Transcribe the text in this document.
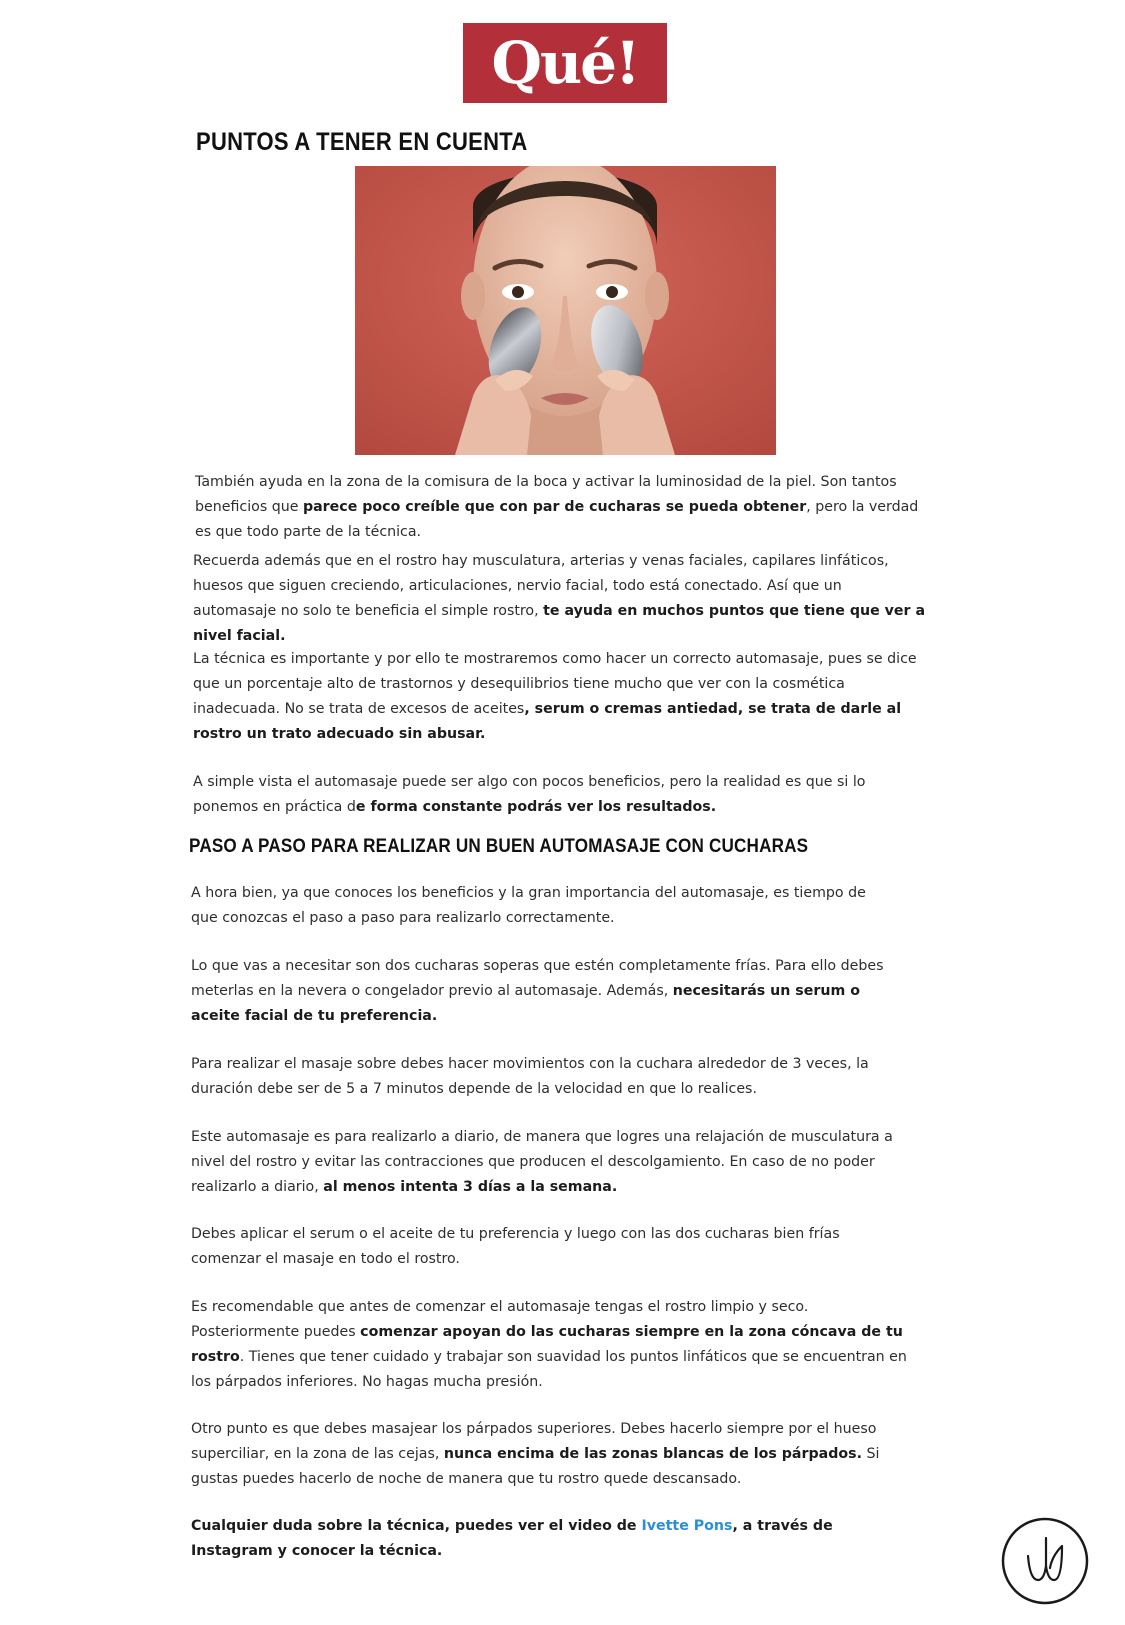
Qué!
PUNTOS A TENER EN CUENTA

También ayuda en la zona de la comisura de la boca y activar la luminosidad de la piel. Son tantos beneficios que parece poco creíble que con par de cucharas se pueda obtener, pero la verdad es que todo parte de la técnica.

Recuerda además que en el rostro hay musculatura, arterias y venas faciales, capilares linfáticos, huesos que siguen creciendo, articulaciones, nervio facial, todo está conectado. Así que un automasaje no solo te beneficia el simple rostro, te ayuda en muchos puntos que tiene que ver a nivel facial.

La técnica es importante y por ello te mostraremos como hacer un correcto automasaje, pues se dice que un porcentaje alto de trastornos y desequilibrios tiene mucho que ver con la cosmética inadecuada. No se trata de excesos de aceites, serum o cremas antiedad, se trata de darle al rostro un trato adecuado sin abusar.

A simple vista el automasaje puede ser algo con pocos beneficios, pero la realidad es que si lo ponemos en práctica de forma constante podrás ver los resultados.

PASO A PASO PARA REALIZAR UN BUEN AUTOMASAJE CON CUCHARAS

A hora bien, ya que conoces los beneficios y la gran importancia del automasaje, es tiempo de que conozcas el paso a paso para realizarlo correctamente.

Lo que vas a necesitar son dos cucharas soperas que estén completamente frías. Para ello debes meterlas en la nevera o congelador previo al automasaje. Además, necesitarás un serum o aceite facial de tu preferencia.

Para realizar el masaje sobre debes hacer movimientos con la cuchara alrededor de 3 veces, la duración debe ser de 5 a 7 minutos depende de la velocidad en que lo realices.

Este automasaje es para realizarlo a diario, de manera que logres una relajación de musculatura a nivel del rostro y evitar las contracciones que producen el descolgamiento. En caso de no poder realizarlo a diario, al menos intenta 3 días a la semana.

Debes aplicar el serum o el aceite de tu preferencia y luego con las dos cucharas bien frías comenzar el masaje en todo el rostro.

Es recomendable que antes de comenzar el automasaje tengas el rostro limpio y seco. Posteriormente puedes comenzar apoyan do las cucharas siempre en la zona cóncava de tu rostro. Tienes que tener cuidado y trabajar son suavidad los puntos linfáticos que se encuentran en los párpados inferiores. No hagas mucha presión.

Otro punto es que debes masajear los párpados superiores. Debes hacerlo siempre por el hueso superciliar, en la zona de las cejas, nunca encima de las zonas blancas de los párpados. Si gustas puedes hacerlo de noche de manera que tu rostro quede descansado.

Cualquier duda sobre la técnica, puedes ver el video de Ivette Pons, a través de Instagram y conocer la técnica.
